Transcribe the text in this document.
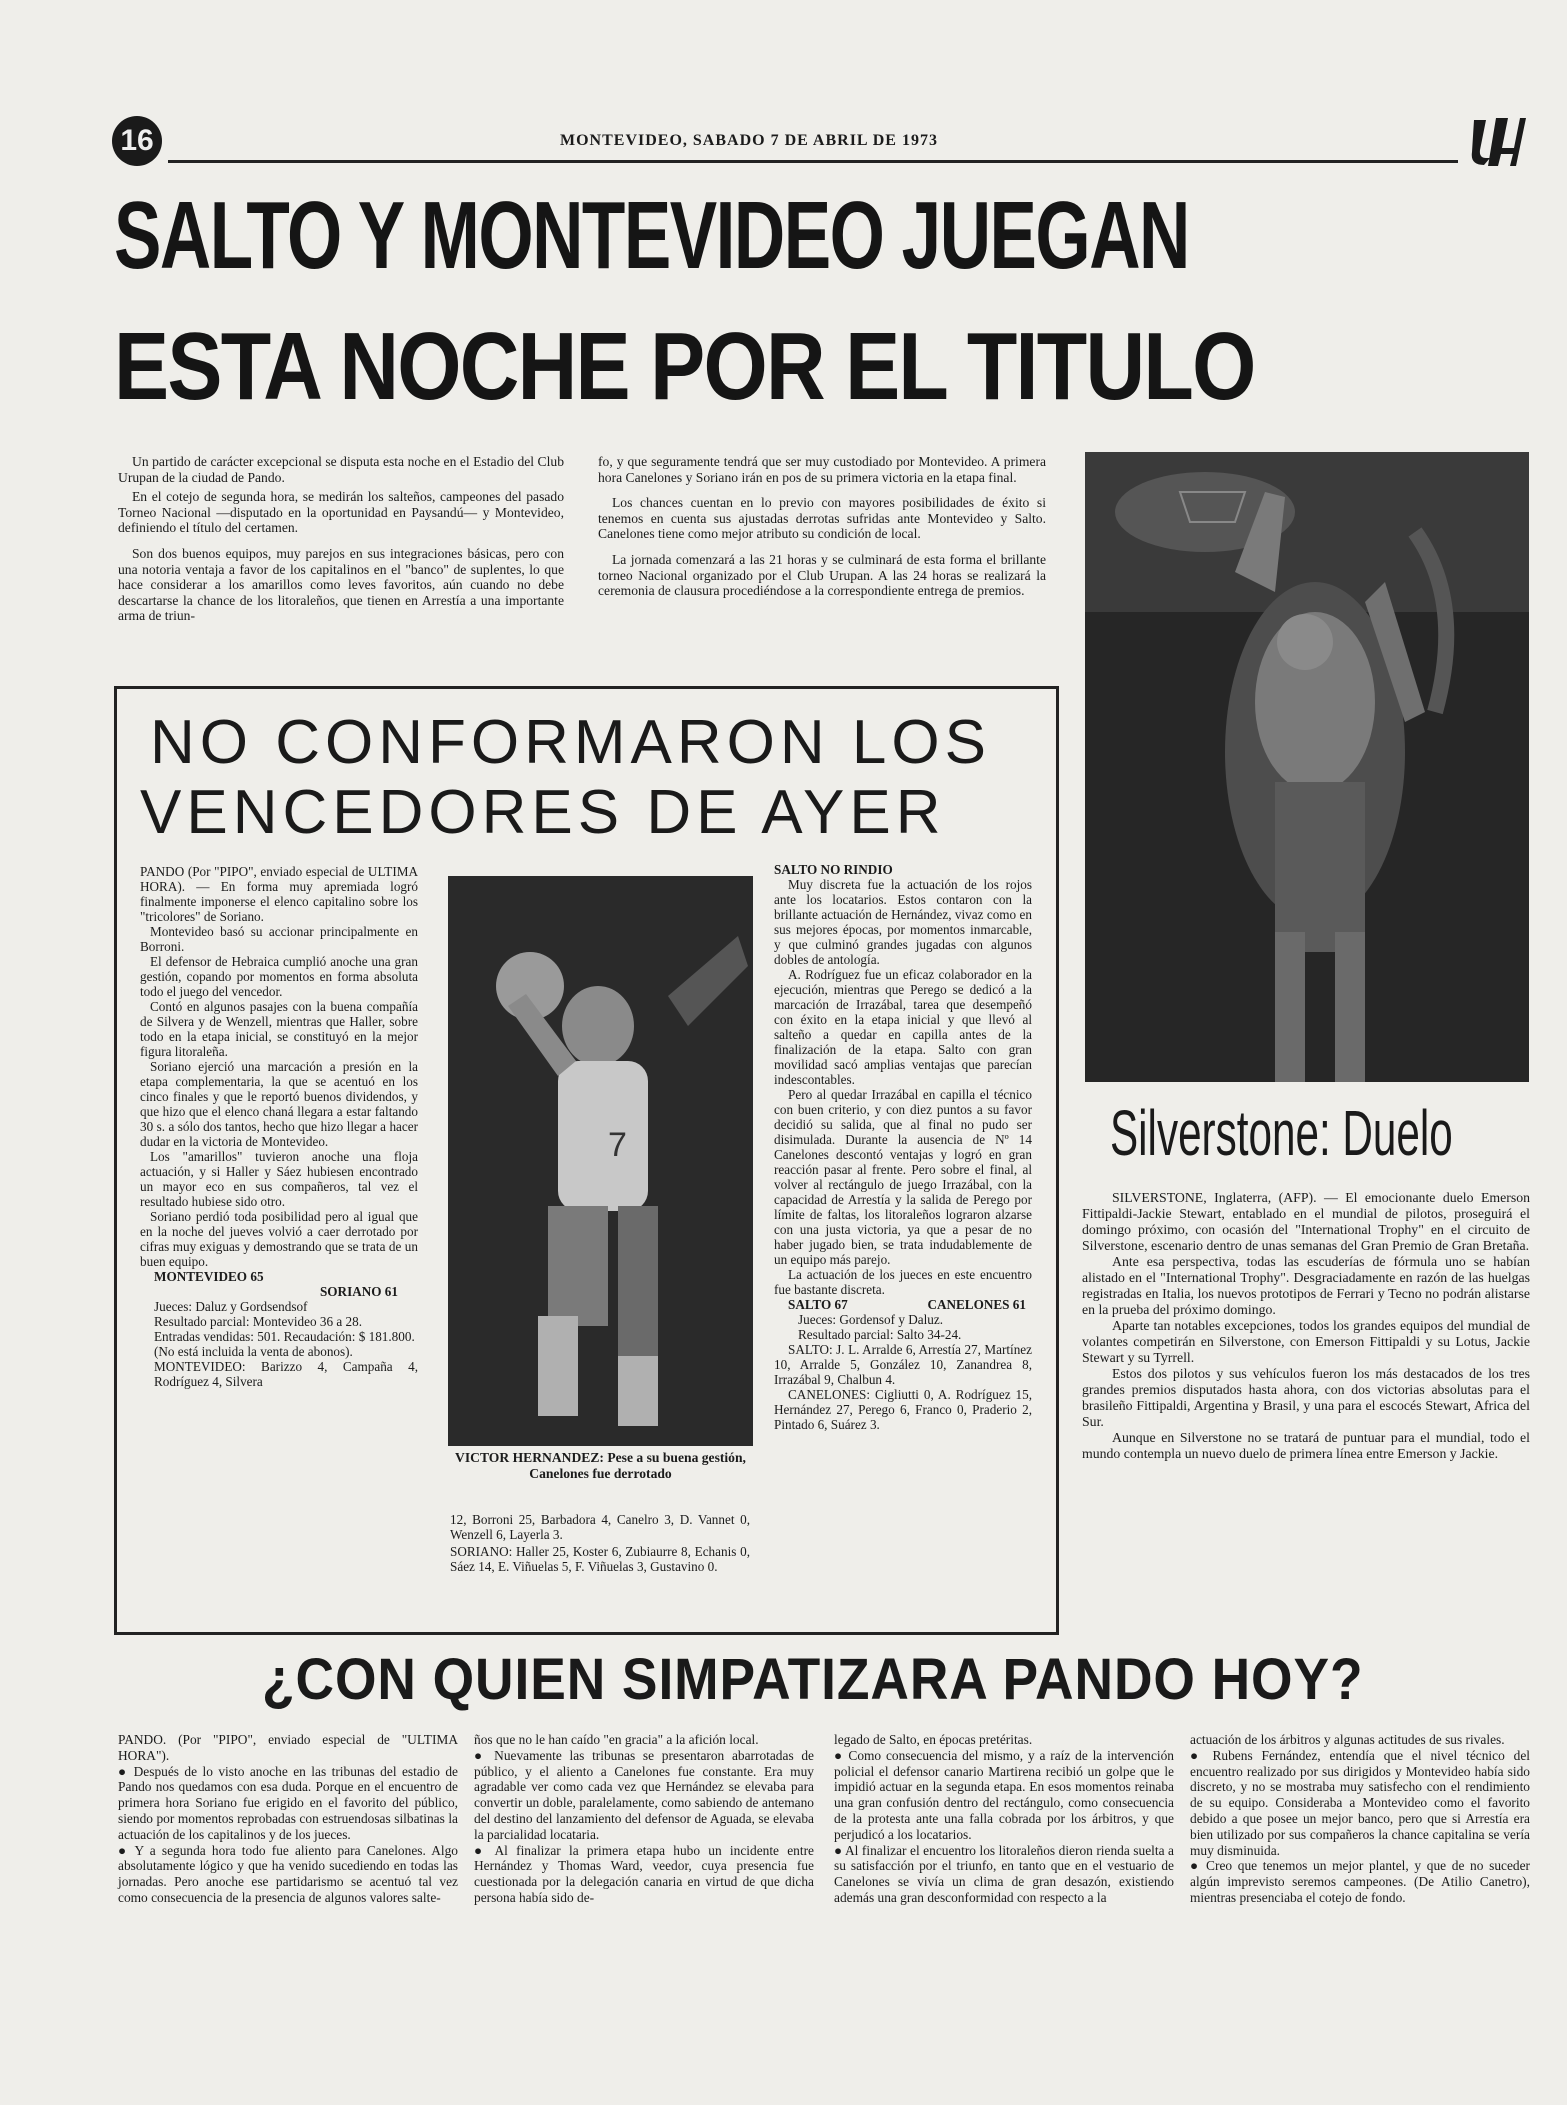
16	MONTEVIDEO, SABADO 7 DE ABRIL DE 1973
SALTO Y MONTEVIDEO JUEGAN
ESTA NOCHE POR EL TITULO

Un partido de carácter excepcional se disputa esta noche en el Estadio del Club Urupan de la ciudad de Pando.

En el cotejo de segunda hora, se medirán los salteños, campeones del pasado Torneo Nacional —disputado en la oportunidad en Paysandú— y Montevideo, definiendo el título del certamen.

Son dos buenos equipos, muy parejos en sus integraciones básicas, pero con una notoria ventaja a favor de los capitalinos en el "banco" de suplentes, lo que hace considerar a los amarillos como leves favoritos, aún cuando no debe descartarse la chance de los litoraleños, que tienen en Arrestía a una importante arma de triun-

fo, y que seguramente tendrá que ser muy custodiado por Montevideo. A primera hora Canelones y Soriano irán en pos de su primera victoria en la etapa final.

Los chances cuentan en lo previo con mayores posibilidades de éxito si tenemos en cuenta sus ajustadas derrotas sufridas ante Montevideo y Salto. Canelones tiene como mejor atributo su condición de local.

La jornada comenzará a las 21 horas y se culminará de esta forma el brillante torneo Nacional organizado por el Club Urupan. A las 24 horas se realizará la ceremonia de clausura procediéndose a la correspondiente entrega de premios.

NO CONFORMARON LOS
VENCEDORES DE AYER

PANDO (Por "PIPO", enviado especial de ULTIMA HORA). — En forma muy apremiada logró finalmente imponerse el elenco capitalino sobre los "tricolores" de Soriano.

Montevideo basó su accionar principalmente en Borroni.

El defensor de Hebraica cumplió anoche una gran gestión, copando por momentos en forma absoluta todo el juego del vencedor.

Contó en algunos pasajes con la buena compañía de Silvera y de Wenzell, mientras que Haller, sobre todo en la etapa inicial, se constituyó en la mejor figura litoraleña.

Soriano ejerció una marcación a presión en la etapa complementaria, la que se acentuó en los cinco finales y que le reportó buenos dividendos, y que hizo que el elenco chaná llegara a estar faltando 30 s. a sólo dos tantos, hecho que hizo llegar a hacer dudar en la victoria de Montevideo.

Los "amarillos" tuvieron anoche una floja actuación, y si Haller y Sáez hubiesen encontrado un mayor eco en sus compañeros, tal vez el resultado hubiese sido otro.

Soriano perdió toda posibilidad pero al igual que en la noche del jueves volvió a caer derrotado por cifras muy exiguas y demostrando que se trata de un buen equipo.

MONTEVIDEO 65

SORIANO 61

Jueces: Daluz y Gordsendsof

Resultado parcial: Montevideo 36 a 28.

Entradas vendidas: 501. Recaudación: $ 181.800.

(No está incluida la venta de abonos).

MONTEVIDEO: Barizzo 4, Campaña 4, Rodríguez 4, Silvera

7
VICTOR HERNANDEZ: Pese a su buena gestión, Canelones fue derrotado

12, Borroni 25, Barbadora 4, Canelro 3, D. Vannet 0, Wenzell 6, Layerla 3.

SORIANO: Haller 25, Koster 6, Zubiaurre 8, Echanis 0, Sáez 14, E. Viñuelas 5, F. Viñuelas 3, Gustavino 0.

SALTO NO RINDIO

Muy discreta fue la actuación de los rojos ante los locatarios. Estos contaron con la brillante actuación de Hernández, vivaz como en sus mejores épocas, por momentos inmarcable, y que culminó grandes jugadas con algunos dobles de antología.

A. Rodríguez fue un eficaz colaborador en la ejecución, mientras que Perego se dedicó a la marcación de Irrazábal, tarea que desempeñó con éxito en la etapa inicial y que llevó al salteño a quedar en capilla antes de la finalización de la etapa. Salto con gran movilidad sacó amplias ventajas que parecían indescontables.

Pero al quedar Irrazábal en capilla el técnico con buen criterio, y con diez puntos a su favor decidió su salida, que al final no pudo ser disimulada. Durante la ausencia de Nº 14 Canelones descontó ventajas y logró en gran reacción pasar al frente. Pero sobre el final, al volver al rectángulo de juego Irrazábal, con la capacidad de Arrestía y la salida de Perego por límite de faltas, los litoraleños lograron alzarse con una justa victoria, ya que a pesar de no haber jugado bien, se trata indudablemente de un equipo más parejo.

La actuación de los jueces en este encuentro fue bastante discreta.

SALTO 67	CANELONES 61

Jueces: Gordensof y Daluz.

Resultado parcial: Salto 34-24.

SALTO: J. L. Arralde 6, Arrestía 27, Martínez 10, Arralde 5, González 10, Zanandrea 8, Irrazábal 9, Chalbun 4.

CANELONES: Cigliutti 0, A. Rodríguez 15, Hernández 27, Perego 6, Franco 0, Praderio 2, Pintado 6, Suárez 3.

Silverstone: Duelo

SILVERSTONE, Inglaterra, (AFP). — El emocionante duelo Emerson Fittipaldi-Jackie Stewart, entablado en el mundial de pilotos, proseguirá el domingo próximo, con ocasión del "International Trophy" en el circuito de Silverstone, escenario dentro de unas semanas del Gran Premio de Gran Bretaña.

Ante esa perspectiva, todas las escuderías de fórmula uno se habían alistado en el "International Trophy". Desgraciadamente en razón de las huelgas registradas en Italia, los nuevos prototipos de Ferrari y Tecno no podrán alistarse en la prueba del próximo domingo.

Aparte tan notables excepciones, todos los grandes equipos del mundial de volantes competirán en Silverstone, con Emerson Fittipaldi y su Lotus, Jackie Stewart y su Tyrrell.

Estos dos pilotos y sus vehículos fueron los más destacados de los tres grandes premios disputados hasta ahora, con dos victorias absolutas para el brasileño Fittipaldi, Argentina y Brasil, y una para el escocés Stewart, Africa del Sur.

Aunque en Silverstone no se tratará de puntuar para el mundial, todo el mundo contempla un nuevo duelo de primera línea entre Emerson y Jackie.

¿CON QUIEN SIMPATIZARA PANDO HOY?

PANDO. (Por "PIPO", enviado especial de "ULTIMA HORA").

● Después de lo visto anoche en las tribunas del estadio de Pando nos quedamos con esa duda. Porque en el encuentro de primera hora Soriano fue erigido en el favorito del público, siendo por momentos reprobadas con estruendosas silbatinas la actuación de los capitalinos y de los jueces.

● Y a segunda hora todo fue aliento para Canelones. Algo absolutamente lógico y que ha venido sucediendo en todas las jornadas. Pero anoche ese partidarismo se acentuó tal vez como consecuencia de la presencia de algunos valores salte-

ños que no le han caído "en gracia" a la afición local.

● Nuevamente las tribunas se presentaron abarrotadas de público, y el aliento a Canelones fue constante. Era muy agradable ver como cada vez que Hernández se elevaba para convertir un doble, paralelamente, como sabiendo de antemano del destino del lanzamiento del defensor de Aguada, se elevaba la parcialidad locataria.

● Al finalizar la primera etapa hubo un incidente entre Hernández y Thomas Ward, veedor, cuya presencia fue cuestionada por la delegación canaria en virtud de que dicha persona había sido de-

legado de Salto, en épocas pretéritas.

● Como consecuencia del mismo, y a raíz de la intervención policial el defensor canario Martirena recibió un golpe que le impidió actuar en la segunda etapa. En esos momentos reinaba una gran confusión dentro del rectángulo, como consecuencia de la protesta ante una falla cobrada por los árbitros, y que perjudicó a los locatarios.

● Al finalizar el encuentro los litoraleños dieron rienda suelta a su satisfacción por el triunfo, en tanto que en el vestuario de Canelones se vivía un clima de gran desazón, existiendo además una gran desconformidad con respecto a la

actuación de los árbitros y algunas actitudes de sus rivales.

● Rubens Fernández, entendía que el nivel técnico del encuentro realizado por sus dirigidos y Montevideo había sido discreto, y no se mostraba muy satisfecho con el rendimiento de su equipo. Consideraba a Montevideo como el favorito debido a que posee un mejor banco, pero que si Arrestía era bien utilizado por sus compañeros la chance capitalina se vería muy disminuida.

● Creo que tenemos un mejor plantel, y que de no suceder algún imprevisto seremos campeones. (De Atilio Canetro), mientras presenciaba el cotejo de fondo.
